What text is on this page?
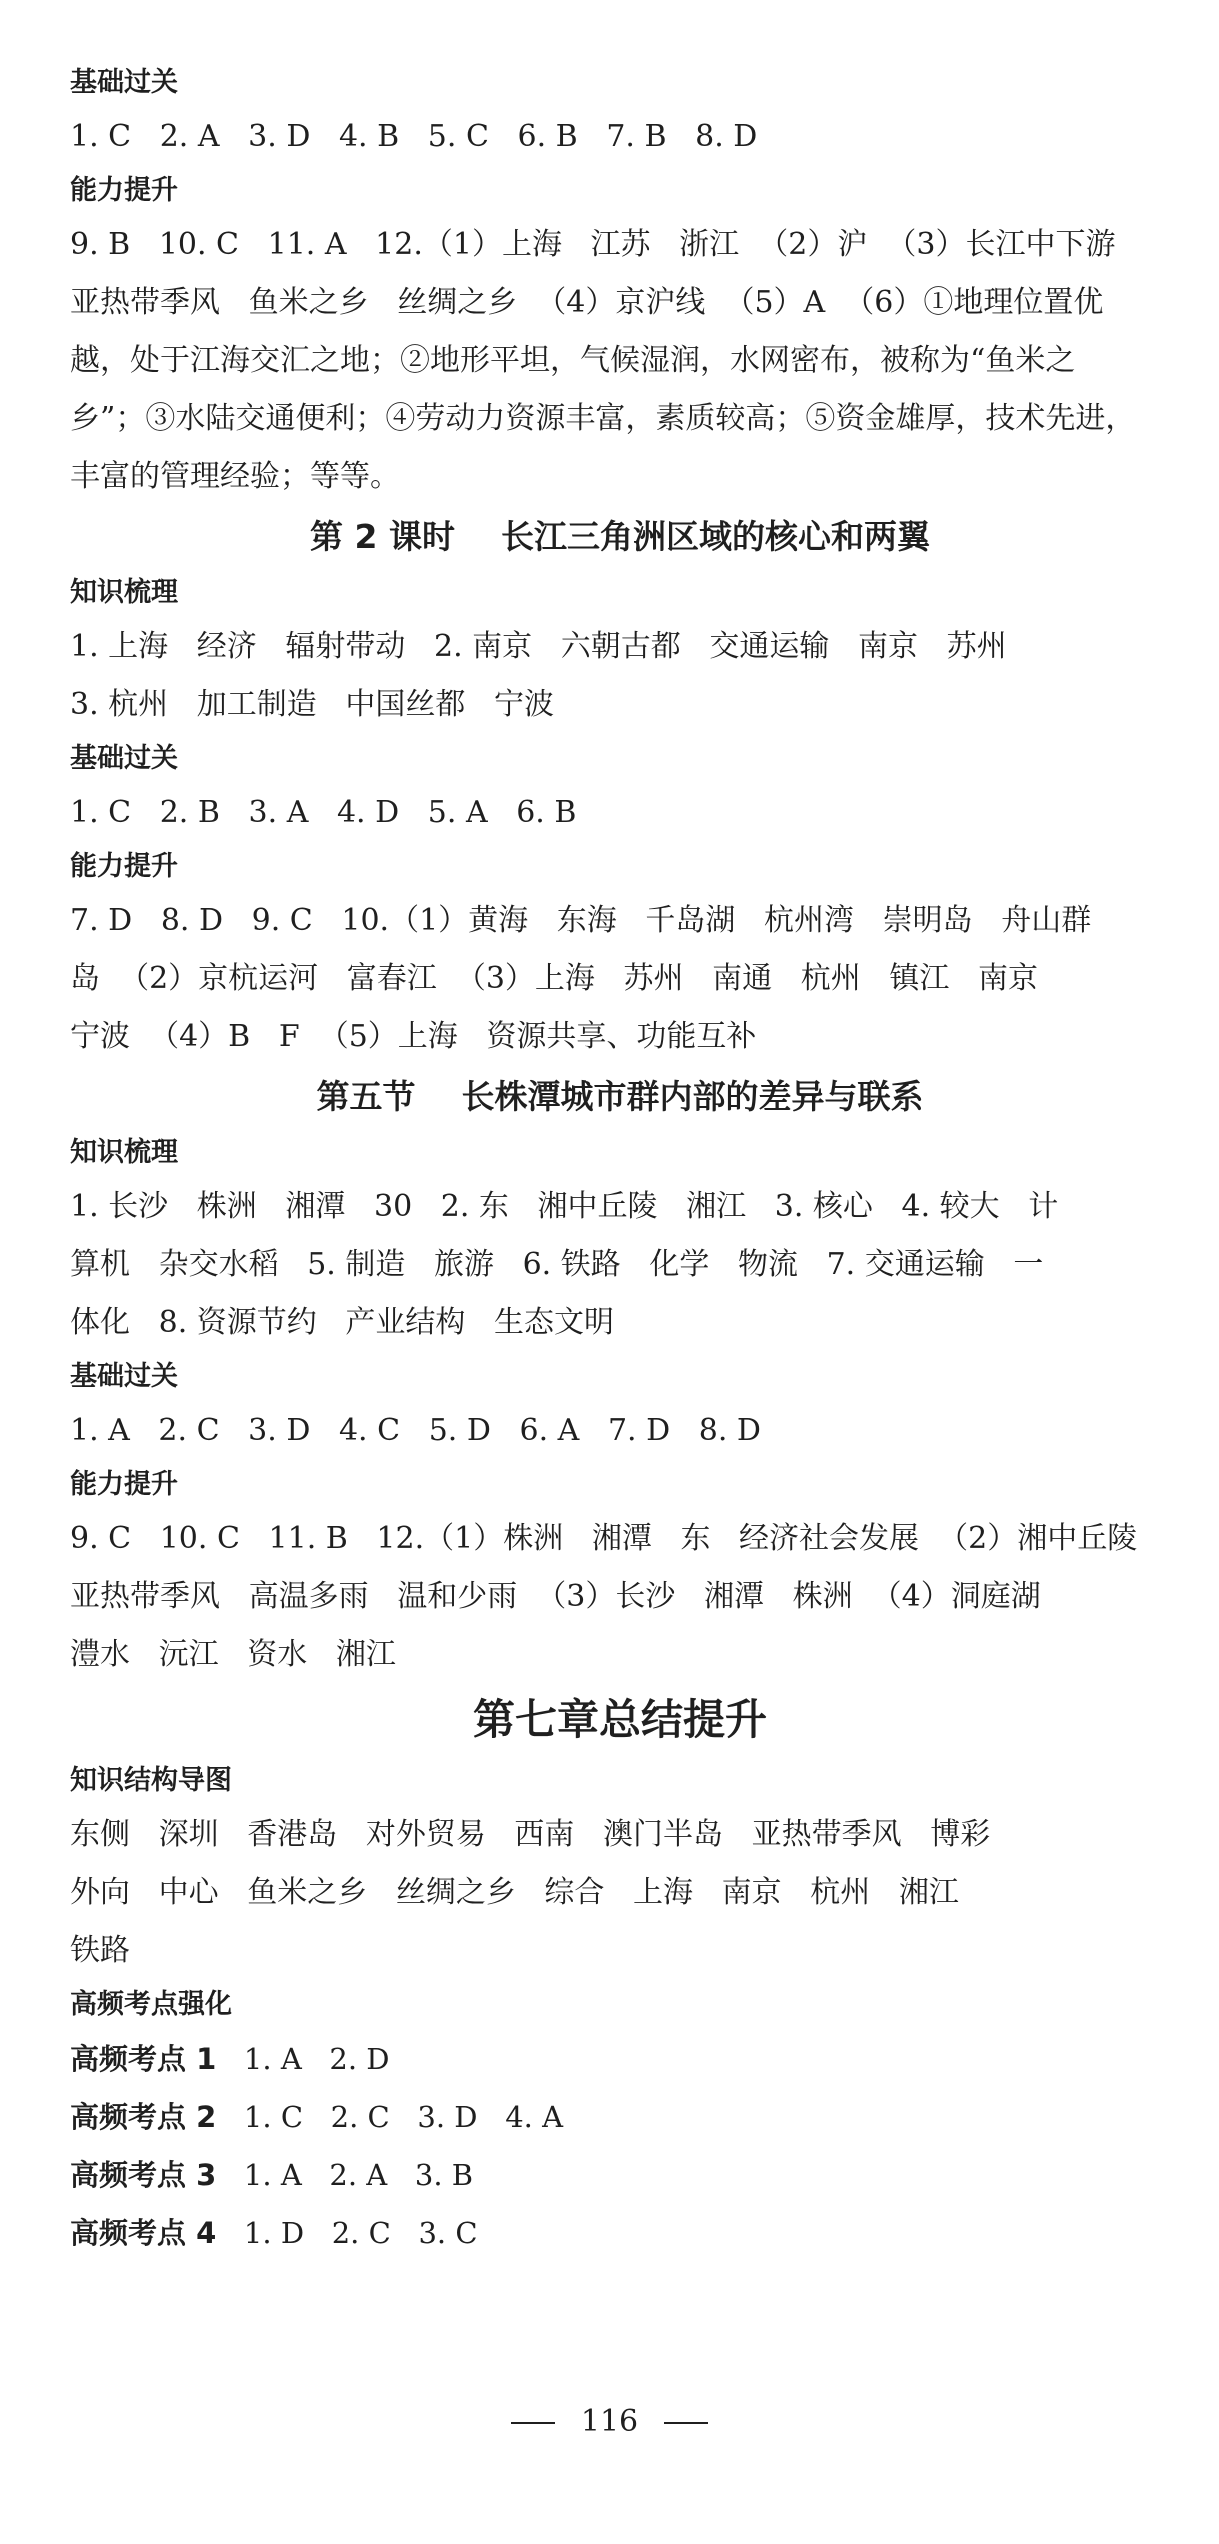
基础过关
1. C   2. A   3. D   4. B   5. C   6. B   7. B   8. D
能力提升
9. B   10. C   11. A   12.（1）上海   江苏   浙江  （2）沪  （3）长江中下游
亚热带季风   鱼米之乡   丝绸之乡  （4）京沪线  （5）A  （6）①地理位置优
越，处于江海交汇之地；②地形平坦，气候湿润，水网密布，被称为“鱼米之
乡”；③水陆交通便利；④劳动力资源丰富，素质较高；⑤资金雄厚，技术先进，
丰富的管理经验；等等。
第 2 课时    长江三角洲区域的核心和两翼
知识梳理
1. 上海   经济   辐射带动   2. 南京   六朝古都   交通运输   南京   苏州
3. 杭州   加工制造   中国丝都   宁波
基础过关
1. C   2. B   3. A   4. D   5. A   6. B
能力提升
7. D   8. D   9. C   10.（1）黄海   东海   千岛湖   杭州湾   崇明岛   舟山群
岛  （2）京杭运河   富春江  （3）上海   苏州   南通   杭州   镇江   南京
宁波  （4）B   F  （5）上海   资源共享、功能互补
第五节    长株潭城市群内部的差异与联系
知识梳理
1. 长沙   株洲   湘潭   30   2. 东   湘中丘陵   湘江   3. 核心   4. 较大   计
算机   杂交水稻   5. 制造   旅游   6. 铁路   化学   物流   7. 交通运输   一
体化   8. 资源节约   产业结构   生态文明
基础过关
1. A   2. C   3. D   4. C   5. D   6. A   7. D   8. D
能力提升
9. C   10. C   11. B   12.（1）株洲   湘潭   东   经济社会发展  （2）湘中丘陵
亚热带季风   高温多雨   温和少雨  （3）长沙   湘潭   株洲  （4）洞庭湖
澧水   沅江   资水   湘江
第七章总结提升
知识结构导图
东侧   深圳   香港岛   对外贸易   西南   澳门半岛   亚热带季风   博彩
外向   中心   鱼米之乡   丝绸之乡   综合   上海   南京   杭州   湘江
铁路
高频考点强化
高频考点 1   1. A   2. D
高频考点 2   1. C   2. C   3. D   4. A
高频考点 3   1. A   2. A   3. B
高频考点 4   1. D   2. C   3. C
116
